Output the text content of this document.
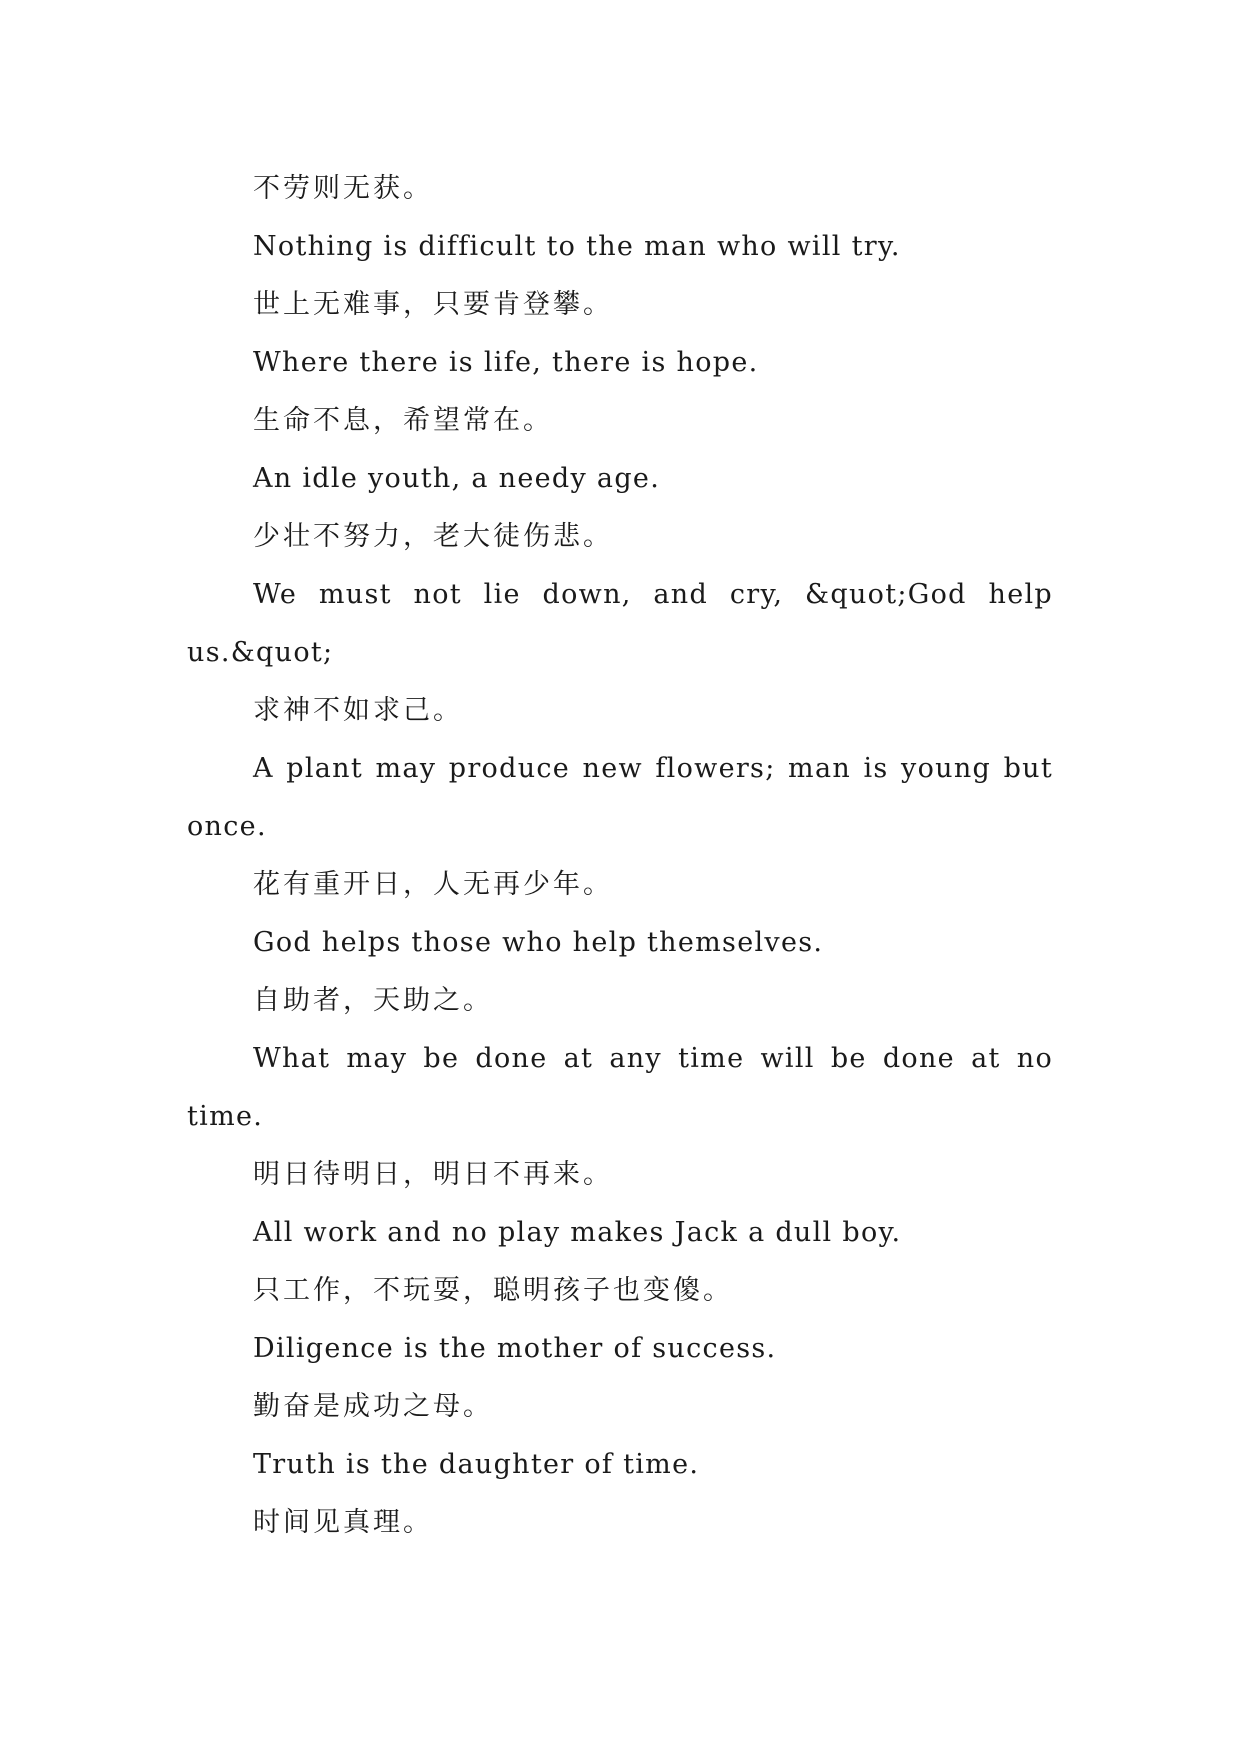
不劳则无获。

Nothing is difficult to the man who will try.

世上无难事，只要肯登攀。

Where there is life, there is hope.

生命不息，希望常在。

An idle youth, a needy age.

少壮不努力，老大徒伤悲。

We must not lie down, and cry, &quot;God help us.&quot;

求神不如求己。

A plant may produce new flowers; man is young but once.

花有重开日，人无再少年。

God helps those who help themselves.

自助者，天助之。

What may be done at any time will be done at no time.

明日待明日，明日不再来。

All work and no play makes Jack a dull boy.

只工作，不玩耍，聪明孩子也变傻。

Diligence is the mother of success.

勤奋是成功之母。

Truth is the daughter of time.

时间见真理。
